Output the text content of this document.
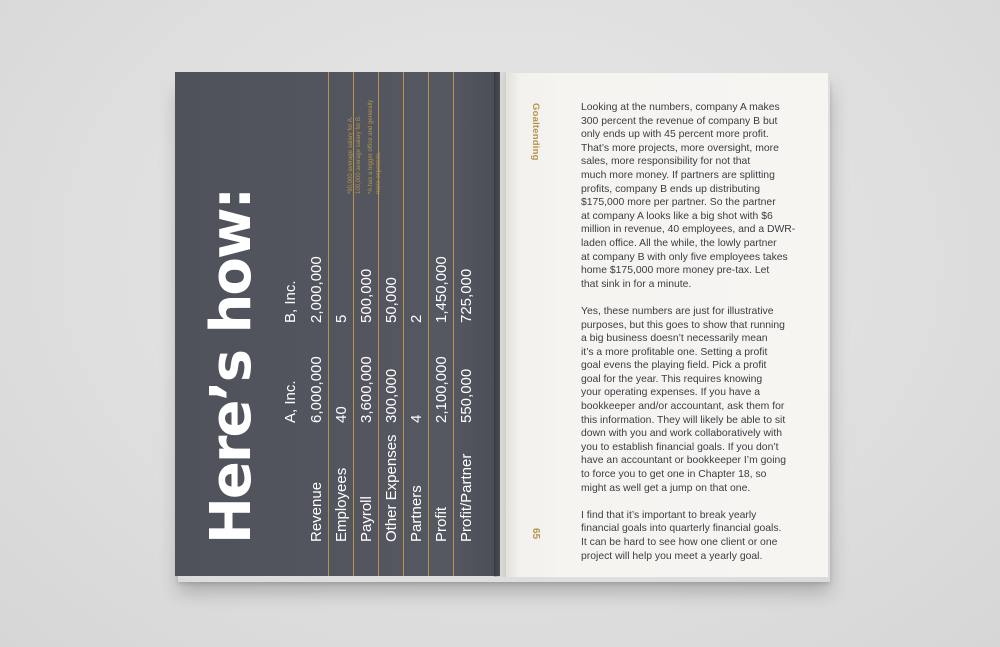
Here’s how: A, Inc.
B, Inc.
Revenue
6,000,000
2,000,000
Employees
40
5
Payroll
3,600,000
500,000
Other Expenses
300,000
50,000
Partners
4
2
Profit
2,100,000
1,450,000
Profit/Partner
550,000
725,000

*90,000 average salary for A. 100,000 average salary for B. *A has a bigger office and generally more expenses.

Goaltending
65
Looking at the numbers, company A makes
300 percent the revenue of company B but
only ends up with 45 percent more profit.
That’s more projects, more oversight, more
sales, more responsibility for not that
much more money. If partners are splitting
profits, company B ends up distributing
$175,000 more per partner. So the partner
at company A looks like a big shot with $6
million in revenue, 40 employees, and a DWR-
laden office. All the while, the lowly partner
at company B with only five employees takes
home $175,000 more money pre-tax. Let
that sink in for a minute.
Yes, these numbers are just for illustrative
purposes, but this goes to show that running
a big business doesn’t necessarily mean
it’s a more profitable one. Setting a profit
goal evens the playing field. Pick a profit
goal for the year. This requires knowing
your operating expenses. If you have a
bookkeeper and/or accountant, ask them for
this information. They will likely be able to sit
down with you and work collaboratively with
you to establish financial goals. If you don’t
have an accountant or bookkeeper I’m going
to force you to get one in Chapter 18, so
might as well get a jump on that one.
I find that it’s important to break yearly
financial goals into quarterly financial goals.
It can be hard to see how one client or one
project will help you meet a yearly goal.
